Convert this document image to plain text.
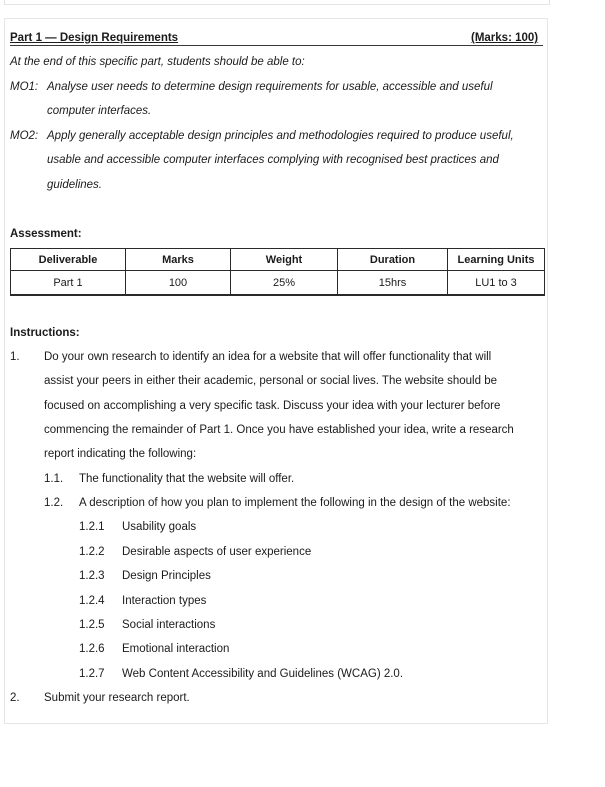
Part 1 — Design Requirements	(Marks: 100)
At the end of this specific part, students should be able to:
MO1: Analyse user needs to determine design requirements for usable, accessible and useful
computer interfaces.
MO2: Apply generally acceptable design principles and methodologies required to produce useful,
usable and accessible computer interfaces complying with recognised best practices and
guidelines.
Assessment:
Deliverable	Marks	Weight	Duration	Learning Units
Part 1	100	25%	15hrs	LU1 to 3
Instructions:
1. Do your own research to identify an idea for a website that will offer functionality that will
assist your peers in either their academic, personal or social lives. The website should be
focused on accomplishing a very specific task. Discuss your idea with your lecturer before
commencing the remainder of Part 1. Once you have established your idea, write a research
report indicating the following:
1.1. The functionality that the website will offer.
1.2. A description of how you plan to implement the following in the design of the website:
1.2.1 Usability goals
1.2.2 Desirable aspects of user experience
1.2.3 Design Principles
1.2.4 Interaction types
1.2.5 Social interactions
1.2.6 Emotional interaction
1.2.7 Web Content Accessibility and Guidelines (WCAG) 2.0.
2. Submit your research report.
